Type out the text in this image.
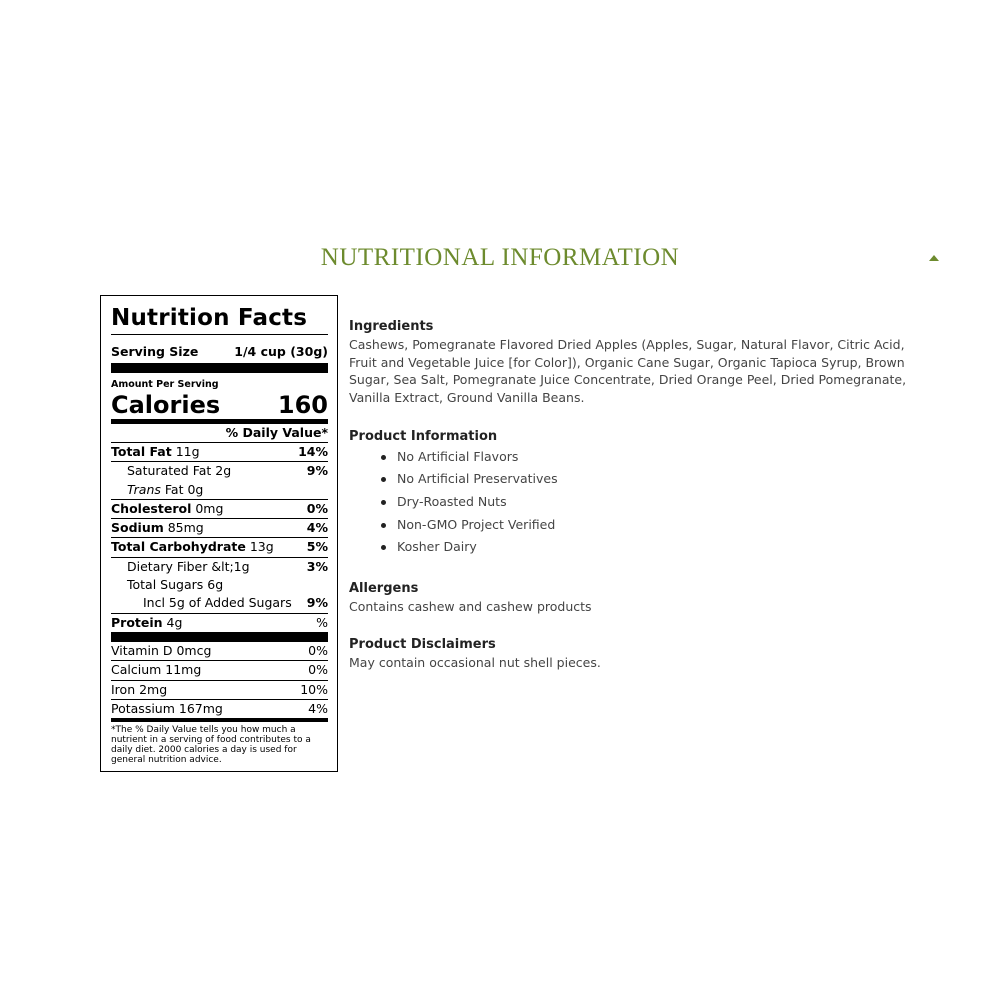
NUTRITIONAL INFORMATION
Nutrition Facts
Serving Size	1/4 cup (30g)
Amount Per Serving
Calories 160
% Daily Value*
Total Fat 11g	14%
Saturated Fat 2g	9%
Trans Fat 0g
Cholesterol 0mg	0%
Sodium 85mg	4%
Total Carbohydrate 13g	5%
Dietary Fiber &lt;1g	3%
Total Sugars 6g
Incl 5g of Added Sugars 9%
Protein 4g	%
Vitamin D 0mcg	0%
Calcium 11mg	0%
Iron 2mg	10%
Potassium 167mg	4%
*The % Daily Value tells you how much a nutrient in a serving of food contributes to a daily diet. 2000 calories a day is used for general nutrition advice.
Ingredients

Cashews, Pomegranate Flavored Dried Apples (Apples, Sugar, Natural Flavor, Citric Acid, Fruit and Vegetable Juice [for Color]), Organic Cane Sugar, Organic Tapioca Syrup, Brown Sugar, Sea Salt, Pomegranate Juice Concentrate, Dried Orange Peel, Dried Pomegranate, Vanilla Extract, Ground Vanilla Beans.

Product Information
No Artificial Flavors
No Artificial Preservatives
Dry-Roasted Nuts
Non-GMO Project Verified
Kosher Dairy
Allergens

Contains cashew and cashew products

Product Disclaimers

May contain occasional nut shell pieces.
